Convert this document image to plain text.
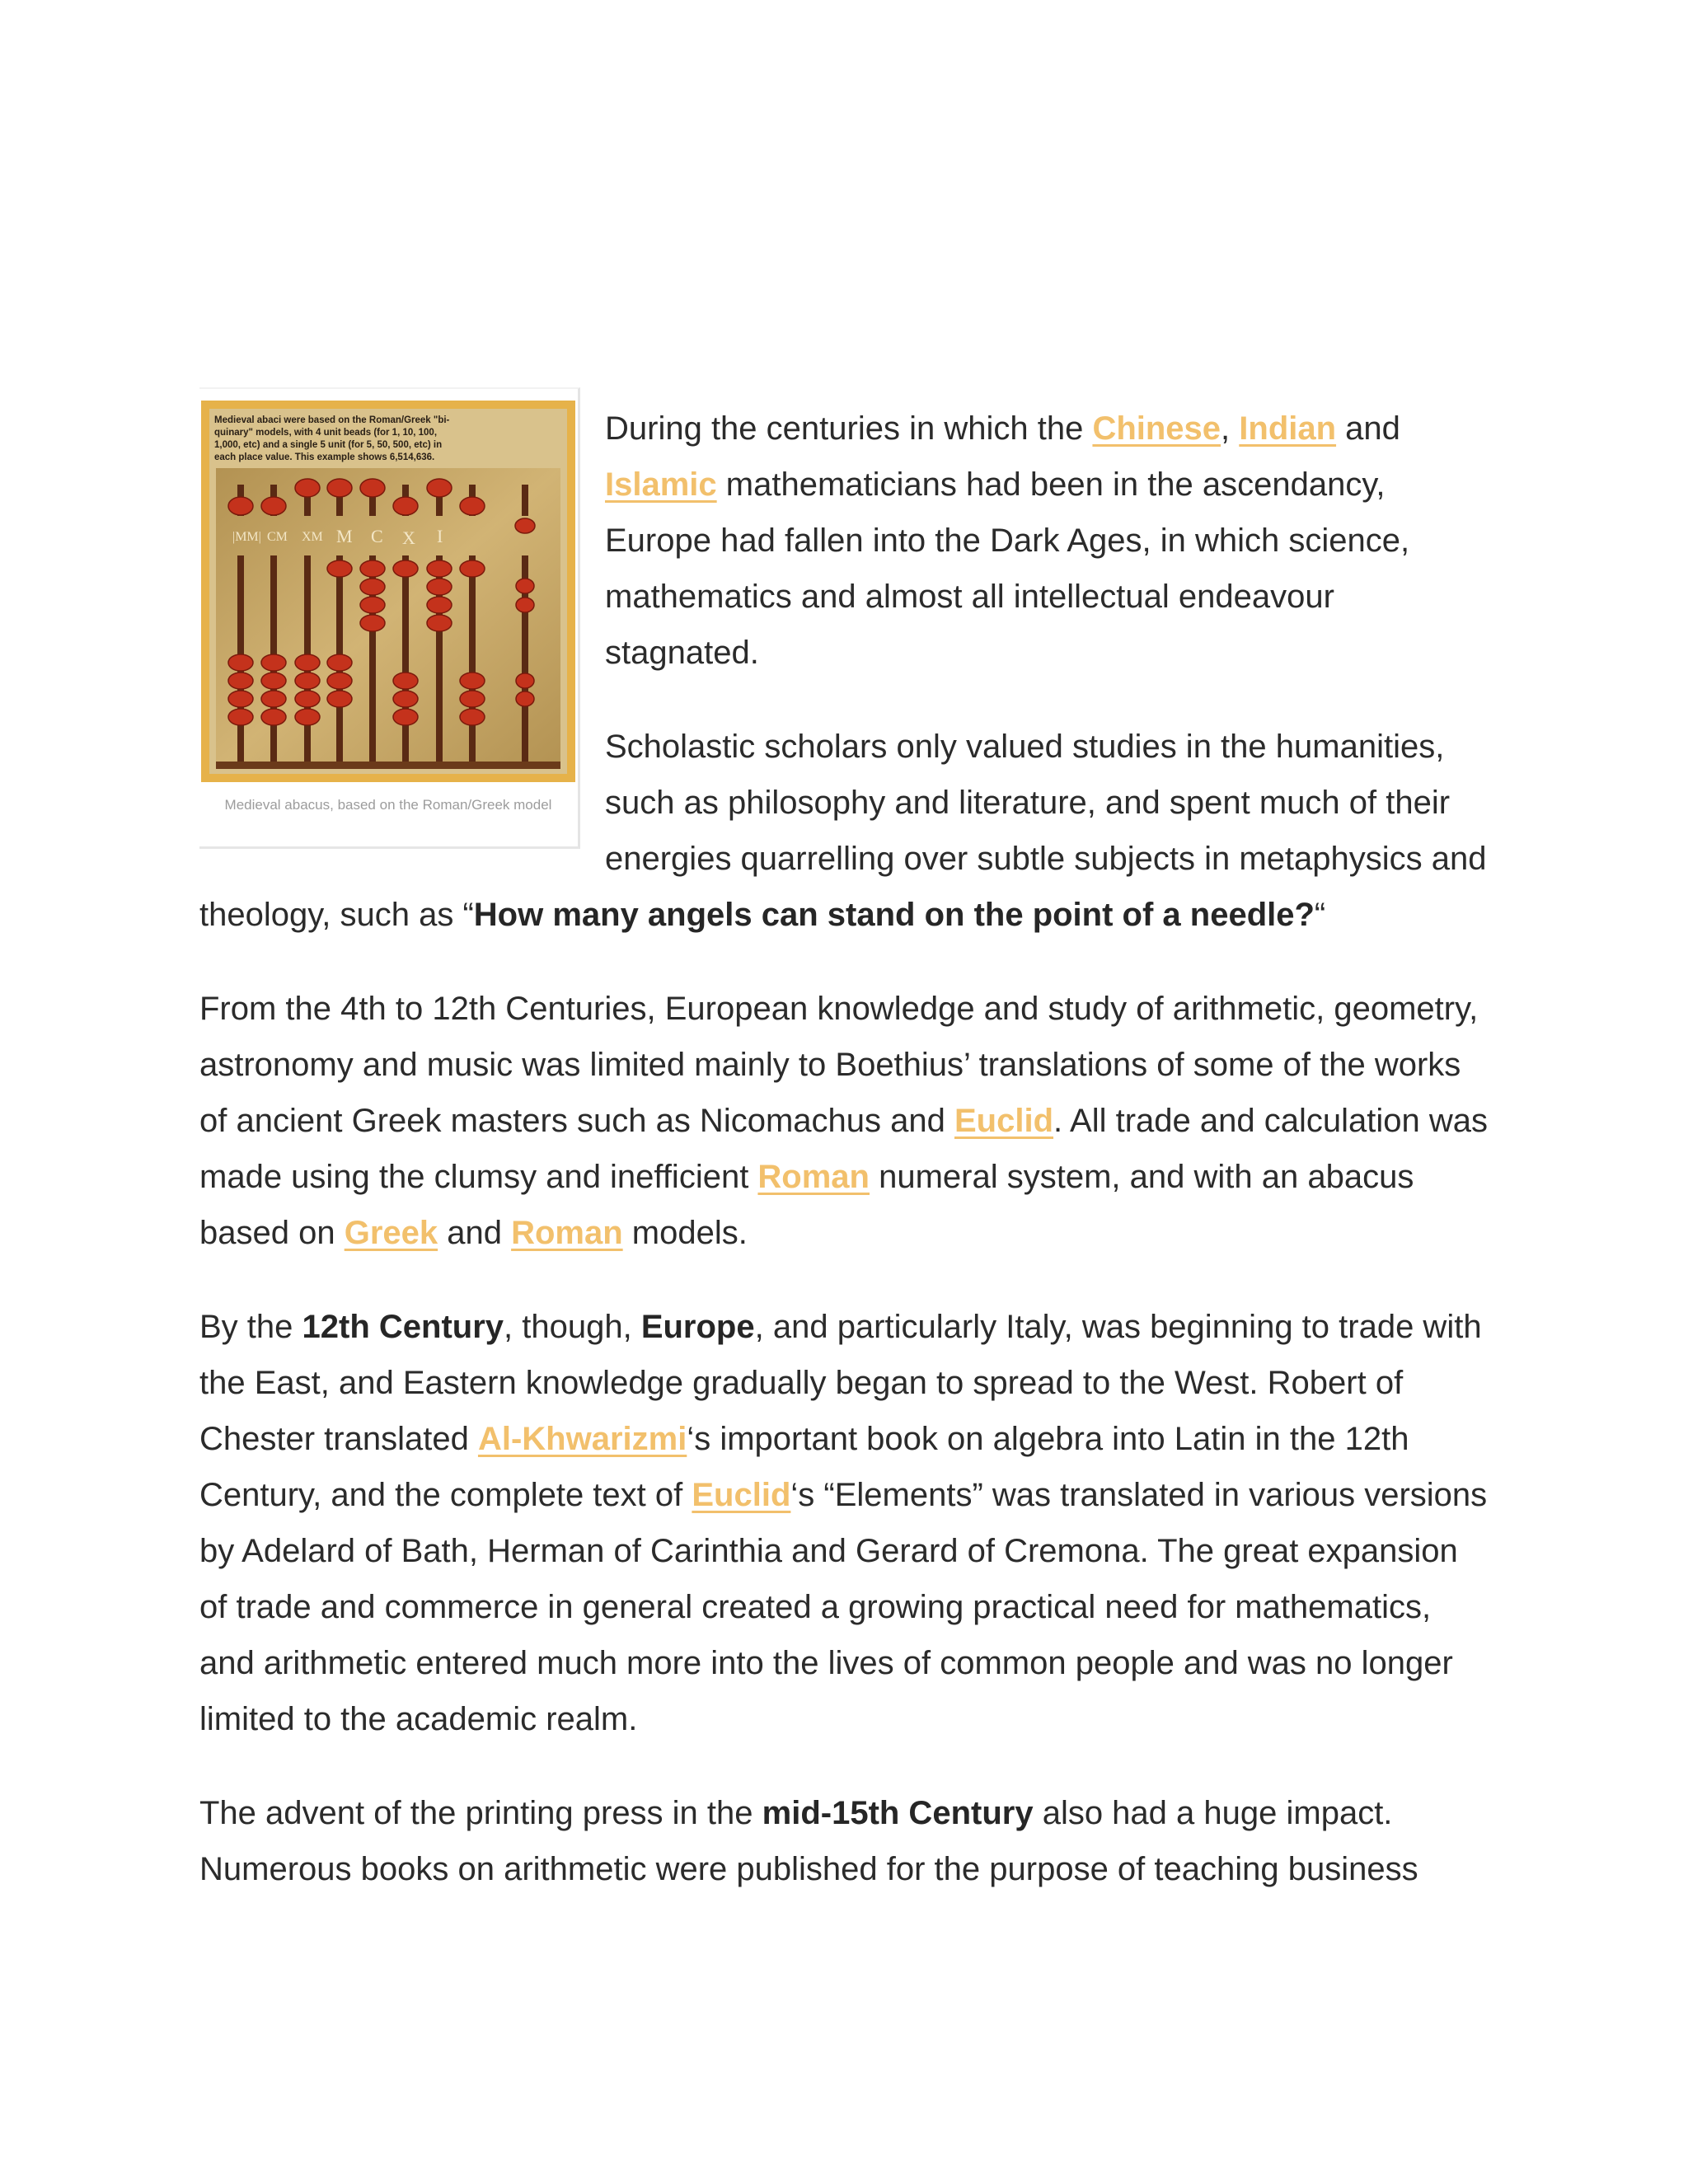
Medieval abaci were based on the Roman/Greek "bi-
quinary" models, with 4 unit beads (for 1, 10, 100,
1,000, etc) and a single 5 unit (for 5, 50, 500, etc) in
each place value. This example shows 6,514,636.
|MM| CM XM M C X I
Medieval abacus, based on the Roman/Greek model

During the centuries in which the Chinese, Indian and Islamic mathematicians had been in the ascendancy, Europe had fallen into the Dark Ages, in which science, mathematics and almost all intellectual endeavour stagnated.

Scholastic scholars only valued studies in the humanities, such as philosophy and literature, and spent much of their energies quarrelling over subtle subjects in metaphysics and theology, such as “How many angels can stand on the point of a needle?“

From the 4th to 12th Centuries, European knowledge and study of arithmetic, geometry, astronomy and music was limited mainly to Boethius’ translations of some of the works of ancient Greek masters such as Nicomachus and Euclid. All trade and calculation was made using the clumsy and inefficient Roman numeral system, and with an abacus based on Greek and Roman models.

By the 12th Century, though, Europe, and particularly Italy, was beginning to trade with the East, and Eastern knowledge gradually began to spread to the West. Robert of Chester translated Al-Khwarizmi‘s important book on algebra into Latin in the 12th Century, and the complete text of Euclid‘s “Elements” was translated in various versions by Adelard of Bath, Herman of Carinthia and Gerard of Cremona. The great expansion of trade and commerce in general created a growing practical need for mathematics, and arithmetic entered much more into the lives of common people and was no longer limited to the academic realm.

The advent of the printing press in the mid-15th Century also had a huge impact. Numerous books on arithmetic were published for the purpose of teaching business
